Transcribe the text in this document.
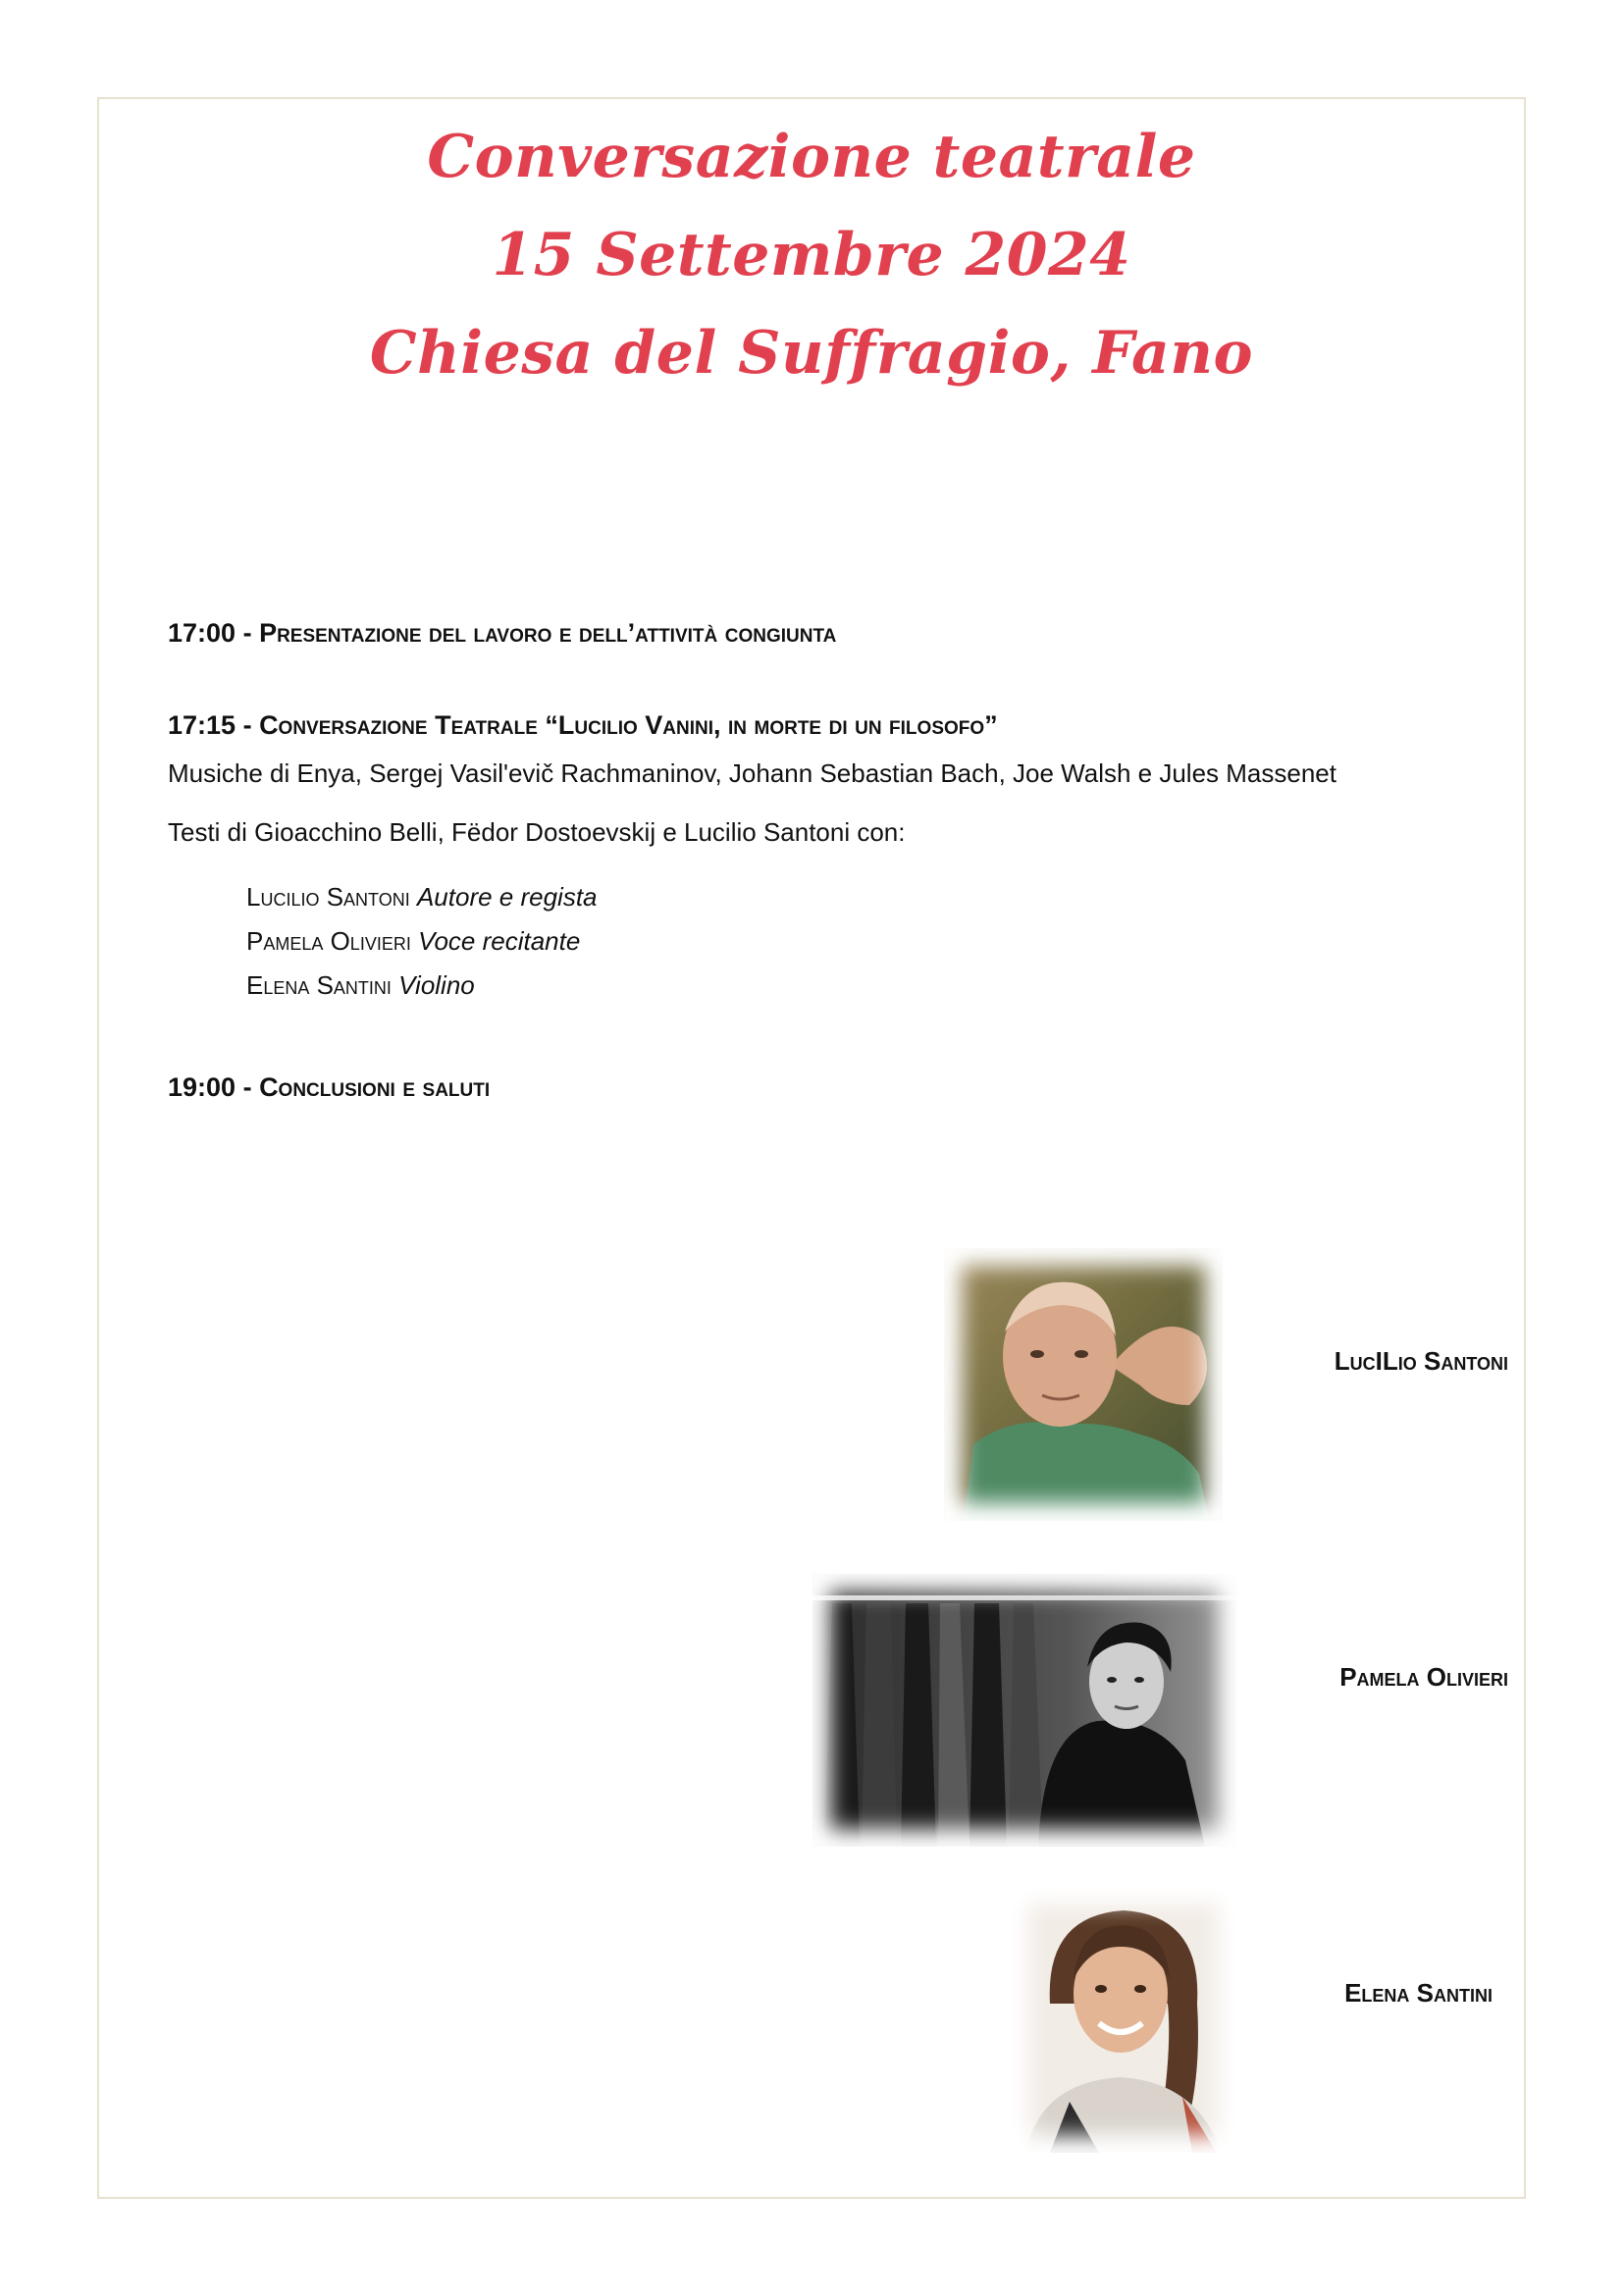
Conversazione teatrale
15 Settembre 2024
Chiesa del Suffragio, Fano
17:00 - Presentazione del lavoro e dell’attività congiunta
17:15 - Conversazione Teatrale “Lucilio Vanini, in morte di un filosofo”
Musiche di Enya, Sergej Vasil'evič Rachmaninov, Johann Sebastian Bach, Joe Walsh e Jules Massenet
Testi di Gioacchino Belli, Fëdor Dostoevskij e Lucilio Santoni con:
Lucilio Santoni Autore e regista
Pamela Olivieri Voce recitante
Elena Santini Violino
19:00 - Conclusioni e saluti
LucILio Santoni
Pamela Olivieri
Elena Santini
